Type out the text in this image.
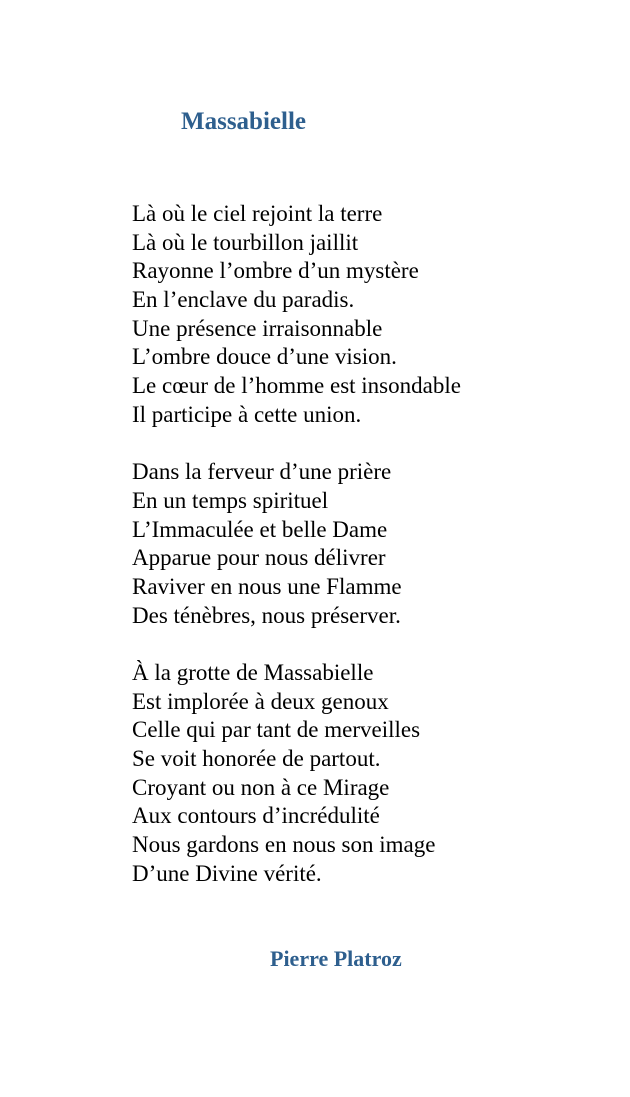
Massabielle
Là où le ciel rejoint la terre
Là où le tourbillon jaillit
Rayonne l’ombre d’un mystère
En l’enclave du paradis.
Une présence irraisonnable
L’ombre douce d’une vision.
Le cœur de l’homme est insondable
Il participe à cette union.
Dans la ferveur d’une prière
En un temps spirituel
L’Immaculée et belle Dame
Apparue pour nous délivrer
Raviver en nous une Flamme
Des ténèbres, nous préserver.
À la grotte de Massabielle
Est implorée à deux genoux
Celle qui par tant de merveilles
Se voit honorée de partout.
Croyant ou non à ce Mirage
Aux contours d’incrédulité
Nous gardons en nous son image
D’une Divine vérité.
Pierre Platroz
